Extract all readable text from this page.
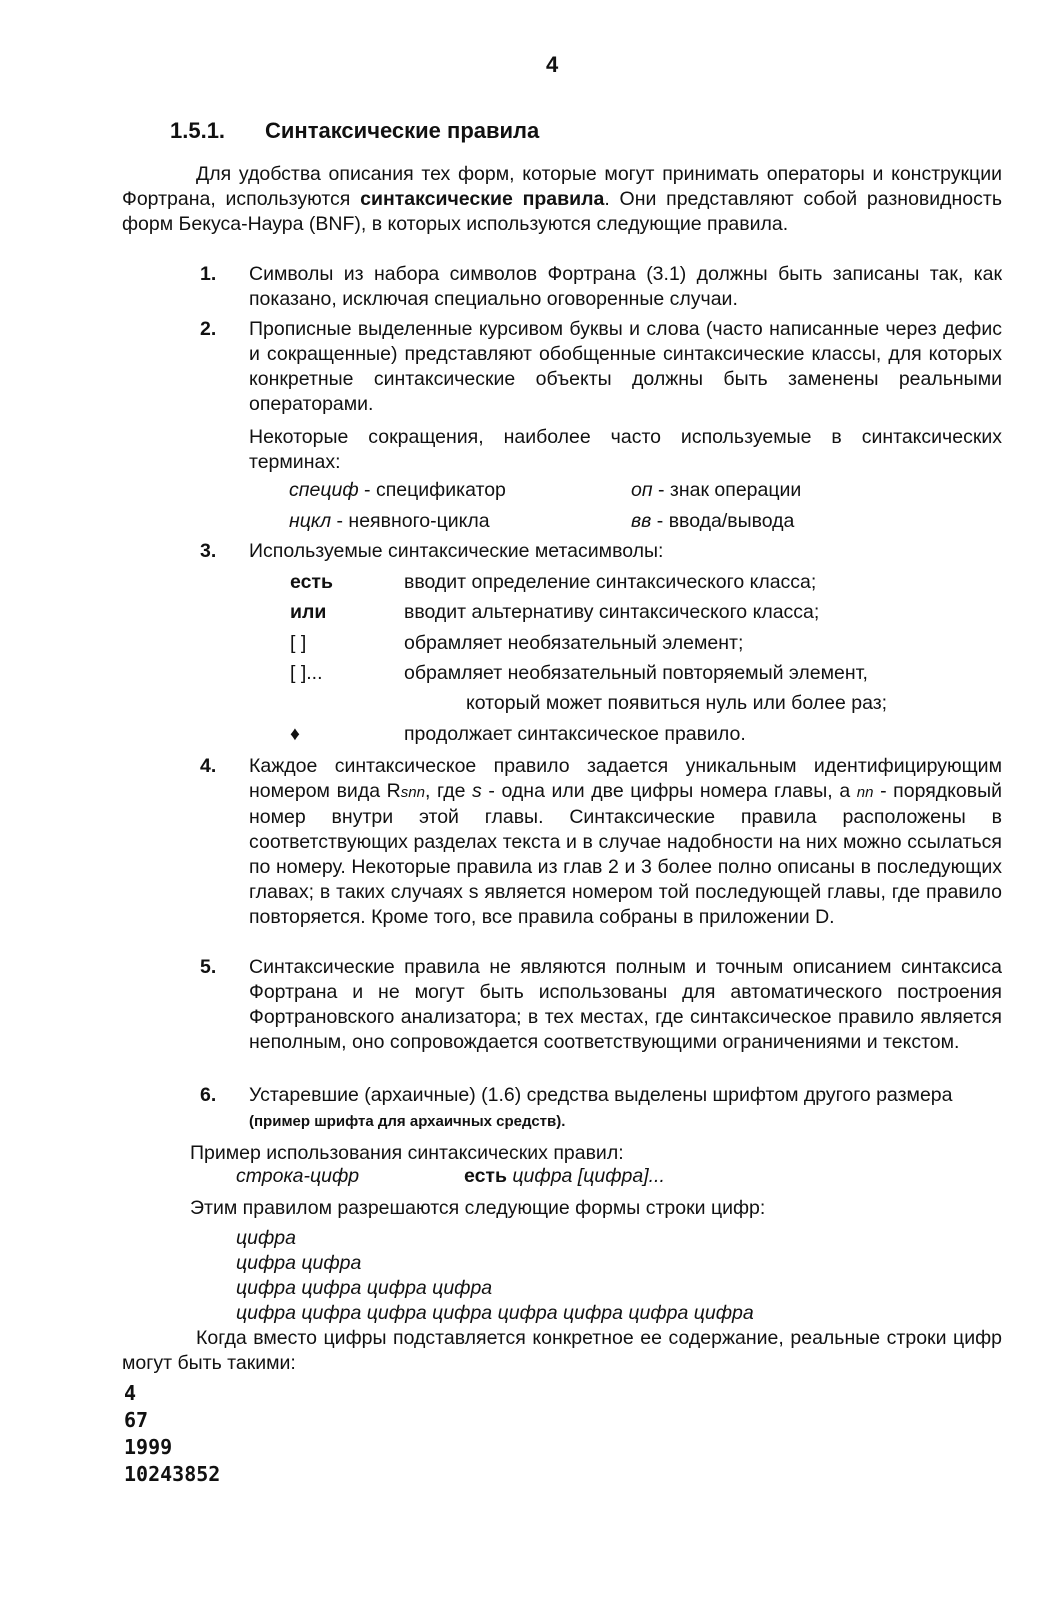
4
1.5.1. Синтаксические правила
Для удобства описания тех форм, которые могут принимать операторы и конструкции Фортрана, используются синтаксические правила. Они представляют собой разновидность форм Бекуса-Наура (BNF), в которых используются следующие правила.
1.	Символы из набора символов Фортрана (3.1) должны быть записаны так, как показано, исключая специально оговоренные случаи.
2.	Прописные выделенные курсивом буквы и слова (часто написанные через дефис и сокращенные) представляют обобщенные синтаксические классы, для которых конкретные синтаксические объекты должны быть заменены реальными операторами.

Некоторые сокращения, наиболее часто используемые в синтаксических терминах:

специф - спецификатор	оп - знак операции
нцкл - неявного-цикла	вв - ввода/вывода
3.	Используемые синтаксические метасимволы:
есть	вводит определение синтаксического класса;
или	вводит альтернативу синтаксического класса;
[ ]	обрамляет необязательный элемент;
[ ]...	обрамляет необязательный повторяемый элемент,
который может появиться нуль или более раз;
♦	продолжает синтаксическое правило.
4.	Каждое синтаксическое правило задается уникальным идентифицирующим номером вида Rsnn, где s - одна или две цифры номера главы, а nn - порядковый номер внутри этой главы. Синтаксические правила расположены в соответствующих разделах текста и в случае надобности на них можно ссылаться по номеру. Некоторые правила из глав 2 и 3 более полно описаны в последующих главах; в таких случаях s является номером той последующей главы, где правило повторяется. Кроме того, все правила собраны в приложении D.
5.	Синтаксические правила не являются полным и точным описанием синтаксиса Фортрана и не могут быть использованы для автоматического построения Фортрановского анализатора; в тех местах, где синтаксическое правило является неполным, оно сопровождается соответствующими ограничениями и текстом.
6.	Устаревшие (архаичные) (1.6) средства выделены шрифтом другого размера
(пример шрифта для архаичных средств).
Пример использования синтаксических правил:
строка-цифр	есть цифра [цифра]...
Этим правилом разрешаются следующие формы строки цифр:
цифра
цифра цифра
цифра цифра цифра цифра
цифра цифра цифра цифра цифра цифра цифра цифра
Когда вместо цифры подставляется конкретное ее содержание, реальные строки цифр могут быть такими:
4
67
1999
10243852
